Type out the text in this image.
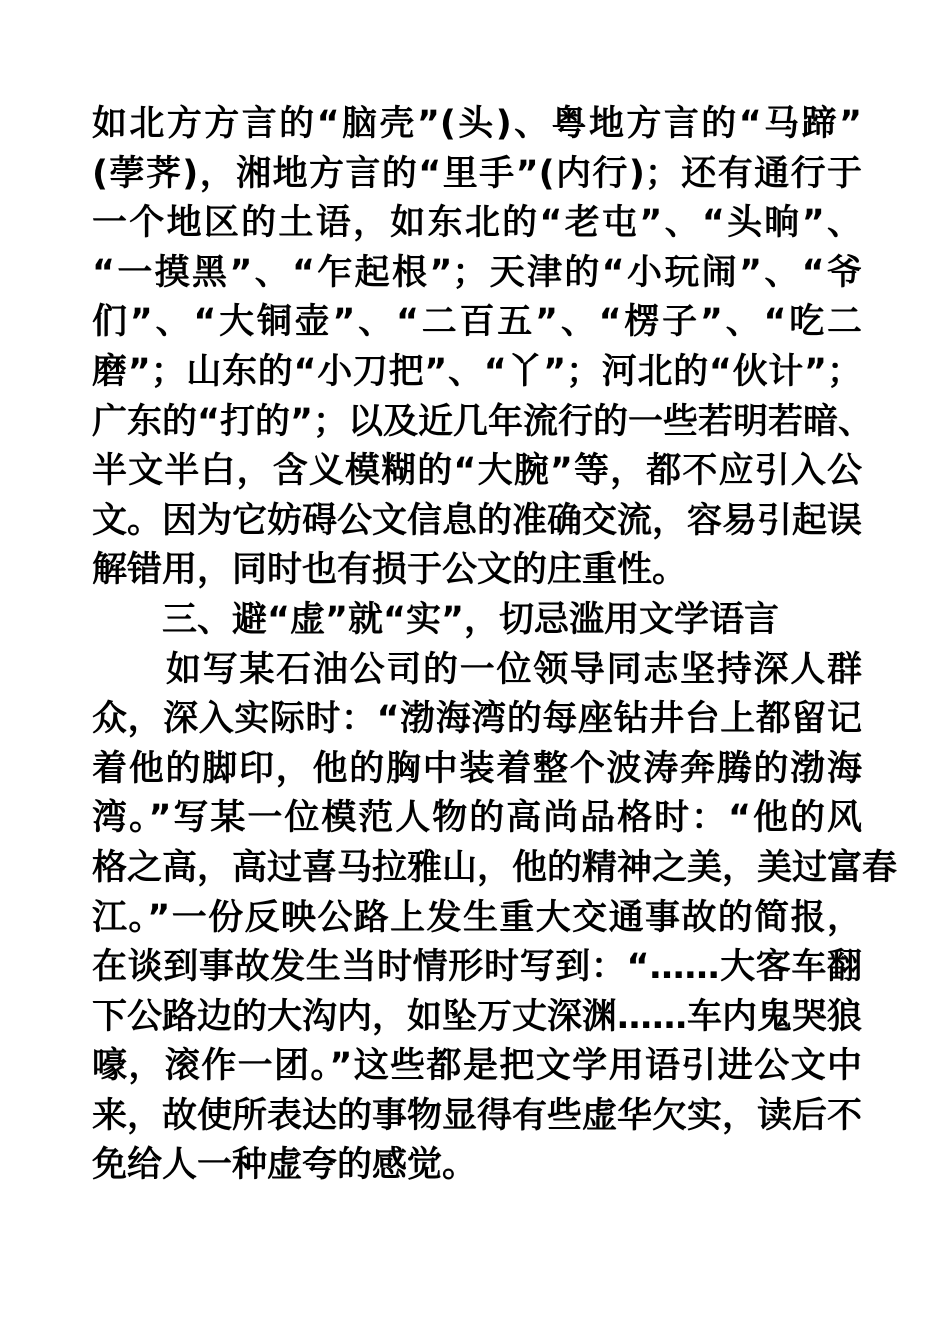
如北方方言的“脑壳”(头)、粤地方言的“马蹄”
(荸荠)，湘地方言的“里手”(内行)；还有通行于
一个地区的土语，如东北的“老屯”、“头晌”、
“一摸黑”、“乍起根”；天津的“小玩闹”、“爷
们”、“大铜壶”、“二百五”、“楞子”、“吃二
磨”；山东的“小刀把”、“丫”；河北的“伙计”；
广东的“打的”；以及近几年流行的一些若明若暗、
半文半白，含义模糊的“大腕”等，都不应引入公
文。因为它妨碍公文信息的准确交流，容易引起误
解错用，同时也有损于公文的庄重性。
三、避“虚”就“实”，切忌滥用文学语言
如写某石油公司的一位领导同志坚持深人群
众，深入实际时：“渤海湾的每座钻井台上都留记
着他的脚印，他的胸中装着整个波涛奔腾的渤海
湾。”写某一位模范人物的高尚品格时：“他的风
格之高，高过喜马拉雅山，他的精神之美，美过富春
江。”一份反映公路上发生重大交通事故的简报，
在谈到事故发生当时情形时写到：“……大客车翻
下公路边的大沟内，如坠万丈深渊……车内鬼哭狼
嚎，滚作一团。”这些都是把文学用语引进公文中
来，故使所表达的事物显得有些虚华欠实，读后不
免给人一种虚夸的感觉。
